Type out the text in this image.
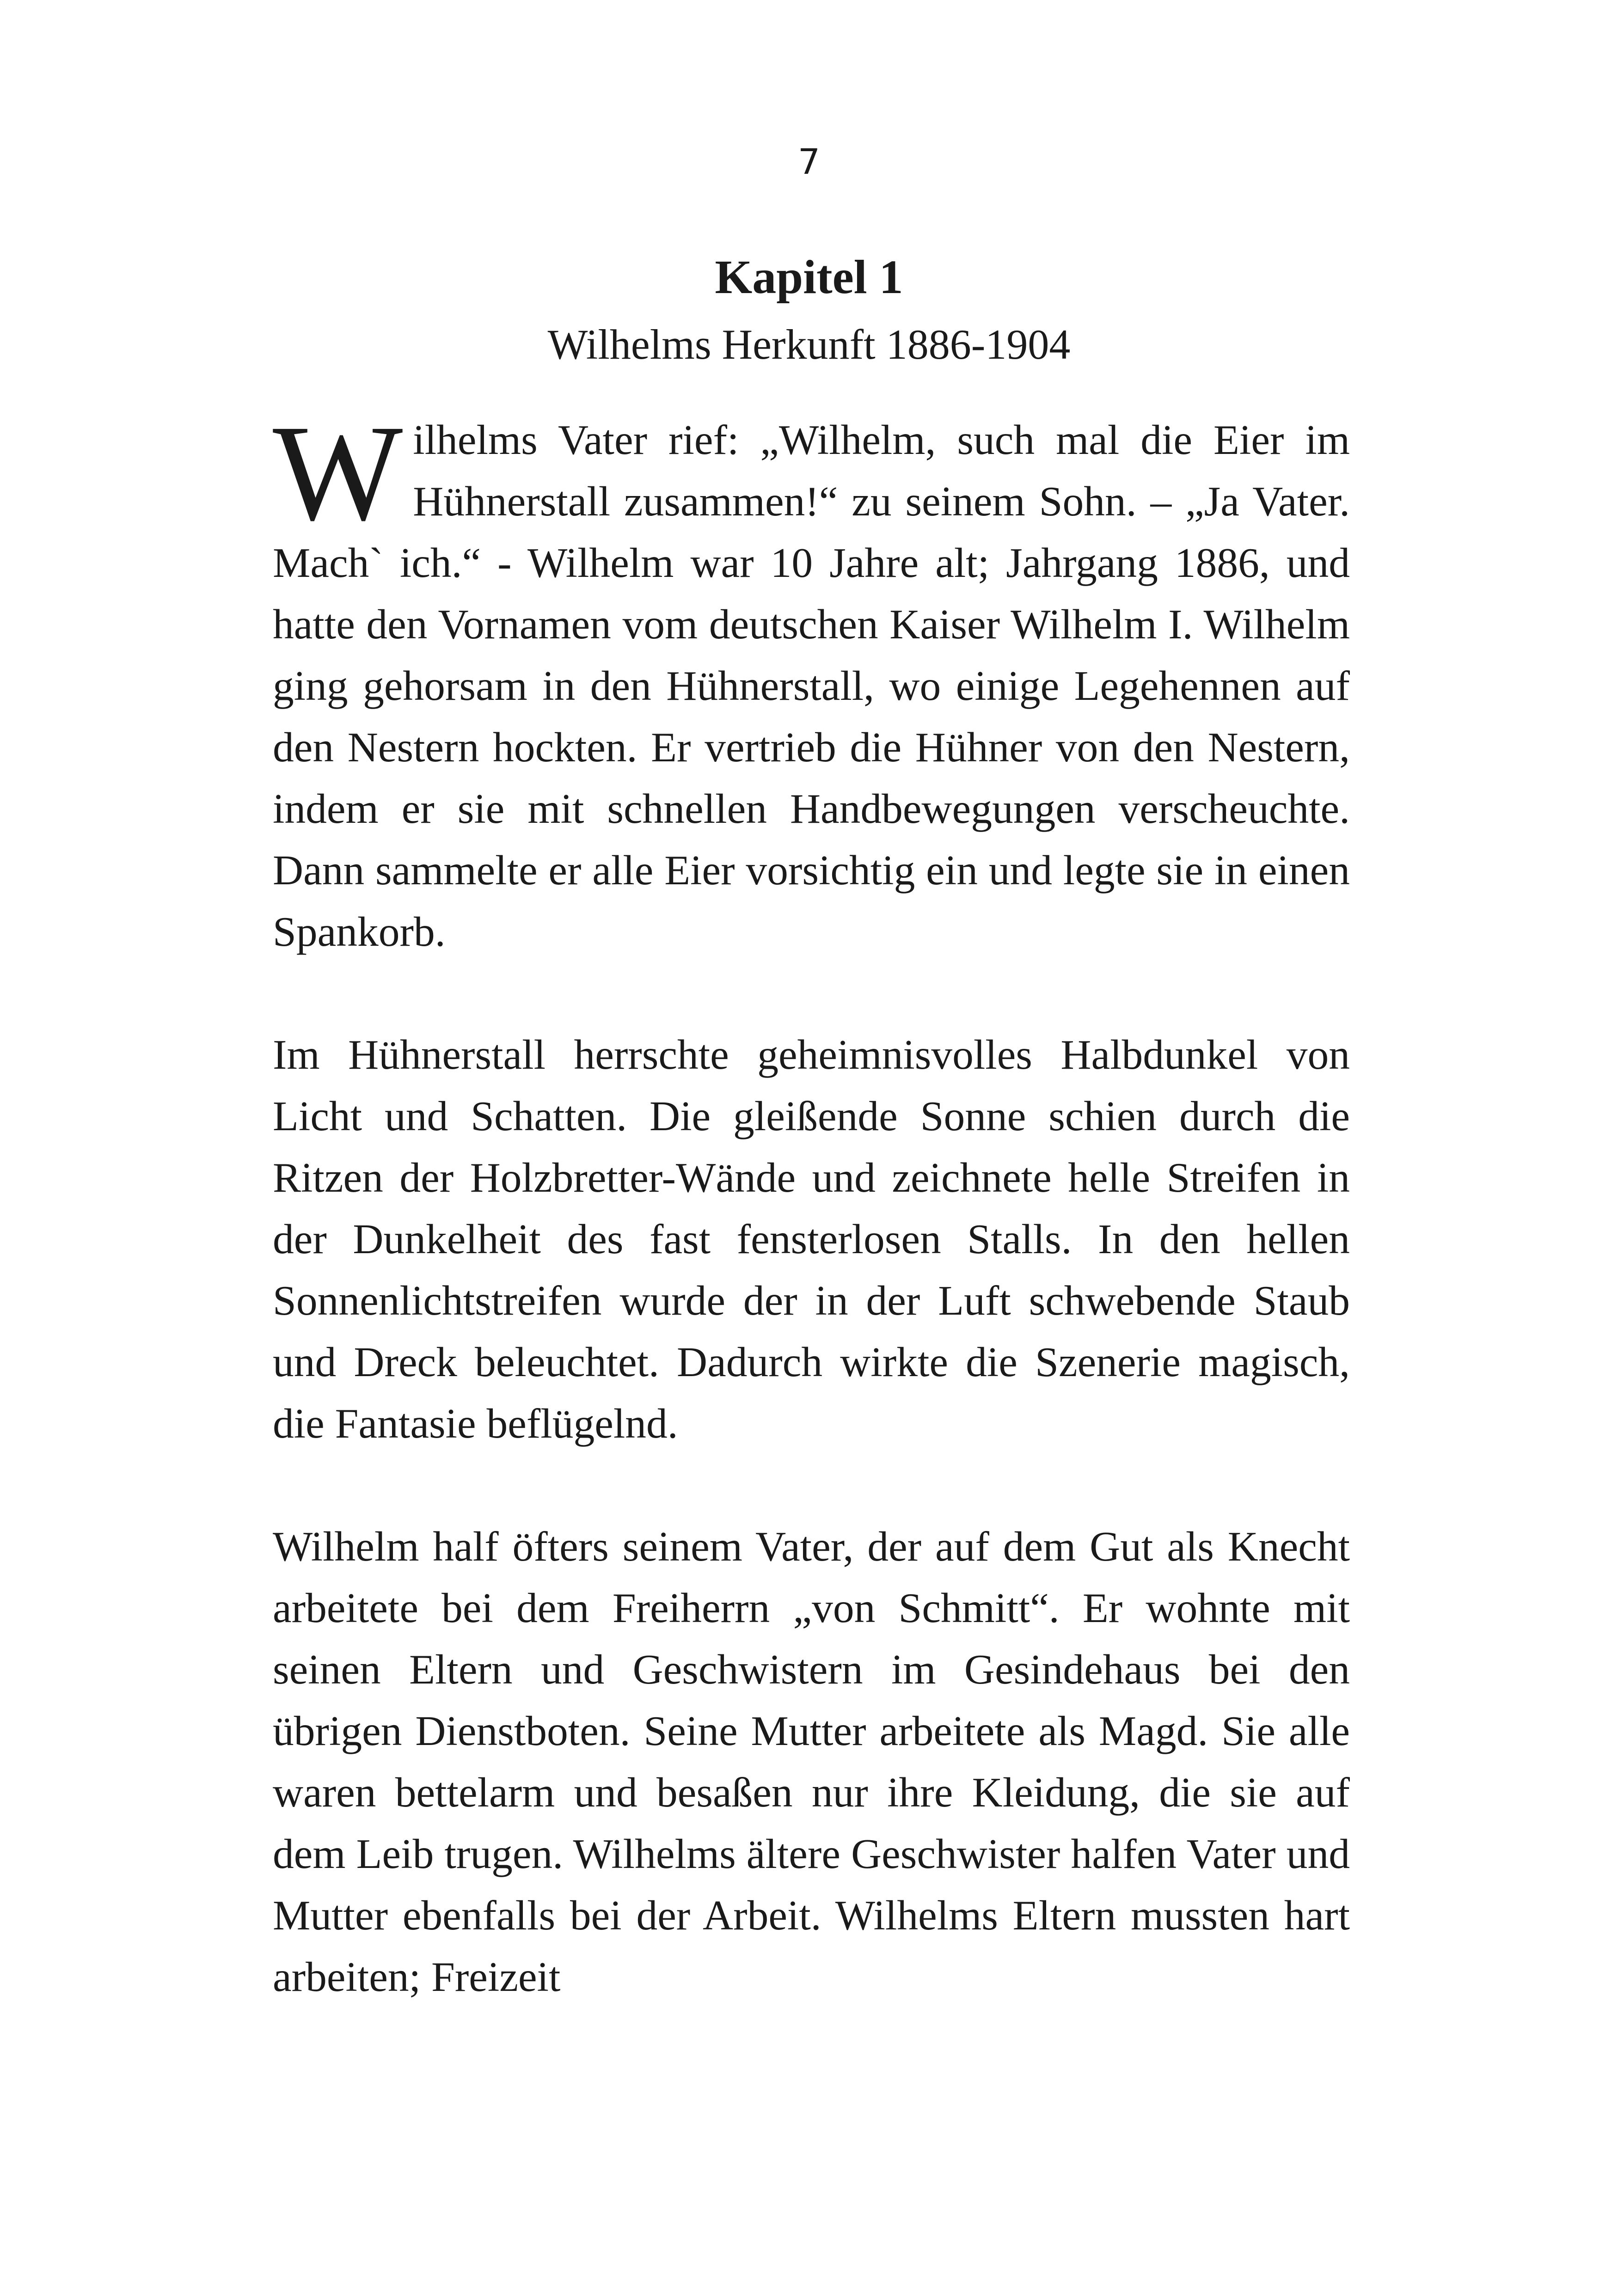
7
Kapitel 1
Wilhelms Herkunft 1886-1904

Wilhelms Vater rief: „Wilhelm, such mal die Eier im Hühnerstall zusammen!“ zu seinem Sohn. – „Ja Vater. Mach` ich.“ - Wilhelm war 10 Jahre alt; Jahrgang 1886, und hatte den Vornamen vom deutschen Kaiser Wilhelm I. Wilhelm ging gehorsam in den Hühnerstall, wo einige Legehennen auf den Nestern hockten. Er vertrieb die Hühner von den Nestern, indem er sie mit schnellen Handbewegungen verscheuchte. Dann sammelte er alle Eier vorsichtig ein und legte sie in einen Spankorb.

Im Hühnerstall herrschte geheimnisvolles Halbdunkel von Licht und Schatten. Die gleißende Sonne schien durch die Ritzen der Holzbretter-Wände und zeichnete helle Streifen in der Dunkelheit des fast fensterlosen Stalls. In den hellen Sonnenlichtstreifen wurde der in der Luft schwebende Staub und Dreck beleuchtet. Dadurch wirkte die Szenerie magisch, die Fantasie beflügelnd.

Wilhelm half öfters seinem Vater, der auf dem Gut als Knecht arbeitete bei dem Freiherrn „von Schmitt“. Er wohnte mit seinen Eltern und Geschwistern im Gesindehaus bei den übrigen Dienstboten. Seine Mutter arbeitete als Magd. Sie alle waren bettelarm und besaßen nur ihre Kleidung, die sie auf dem Leib trugen. Wilhelms ältere Geschwister halfen Vater und Mutter ebenfalls bei der Arbeit. Wilhelms Eltern mussten hart arbeiten; Freizeit
